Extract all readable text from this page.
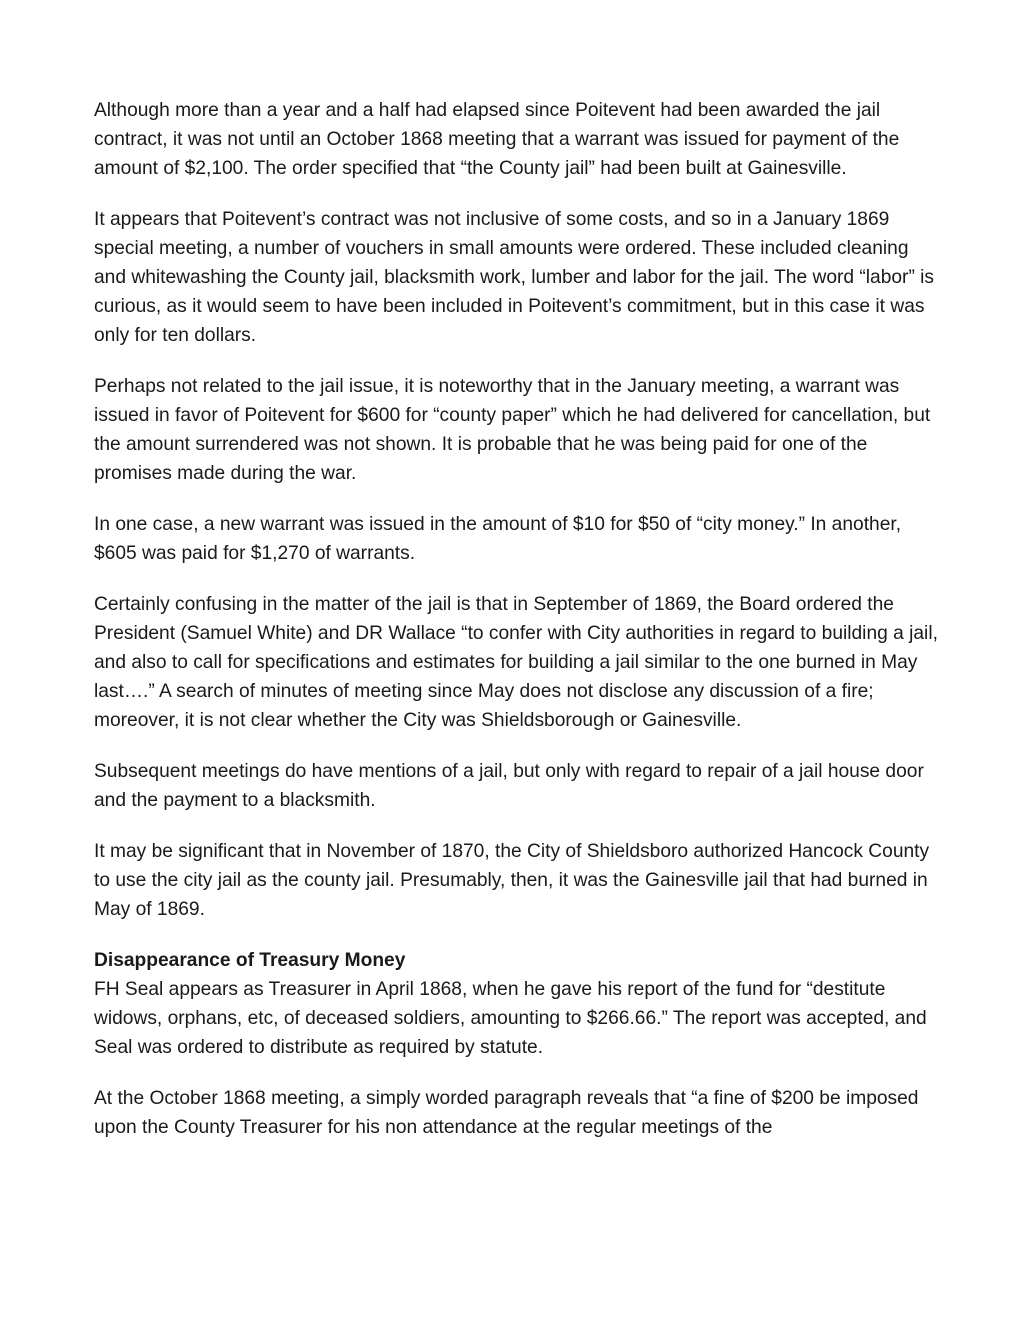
Although more than a year and a half had elapsed since Poitevent had been awarded the jail contract, it was not until an October 1868 meeting that a warrant was issued for payment of the amount of $2,100. The order specified that “the County jail” had been built at Gainesville.

It appears that Poitevent’s contract was not inclusive of some costs, and so in a January 1869 special meeting, a number of vouchers in small amounts were ordered. These included cleaning and whitewashing the County jail, blacksmith work, lumber and labor for the jail. The word “labor” is curious, as it would seem to have been included in Poitevent’s commitment, but in this case it was only for ten dollars.

Perhaps not related to the jail issue, it is noteworthy that in the January meeting, a warrant was issued in favor of Poitevent for $600 for “county paper” which he had delivered for cancellation, but the amount surrendered was not shown. It is probable that he was being paid for one of the promises made during the war.

In one case, a new warrant was issued in the amount of $10 for $50 of “city money.” In another, $605 was paid for $1,270 of warrants.

Certainly confusing in the matter of the jail is that in September of 1869, the Board ordered the President (Samuel White) and DR Wallace “to confer with City authorities in regard to building a jail, and also to call for specifications and estimates for building a jail similar to the one burned in May last….” A search of minutes of meeting since May does not disclose any discussion of a fire; moreover, it is not clear whether the City was Shieldsborough or Gainesville.

Subsequent meetings do have mentions of a jail, but only with regard to repair of a jail house door and the payment to a blacksmith.

It may be significant that in November of 1870, the City of Shieldsboro authorized Hancock County to use the city jail as the county jail. Presumably, then, it was the Gainesville jail that had burned in May of 1869.

Disappearance of Treasury Money

FH Seal appears as Treasurer in April 1868, when he gave his report of the fund for “destitute widows, orphans, etc, of deceased soldiers, amounting to $266.66.” The report was accepted, and Seal was ordered to distribute as required by statute.

At the October 1868 meeting, a simply worded paragraph reveals that “a fine of $200 be imposed upon the County Treasurer for his non attendance at the regular meetings of the
